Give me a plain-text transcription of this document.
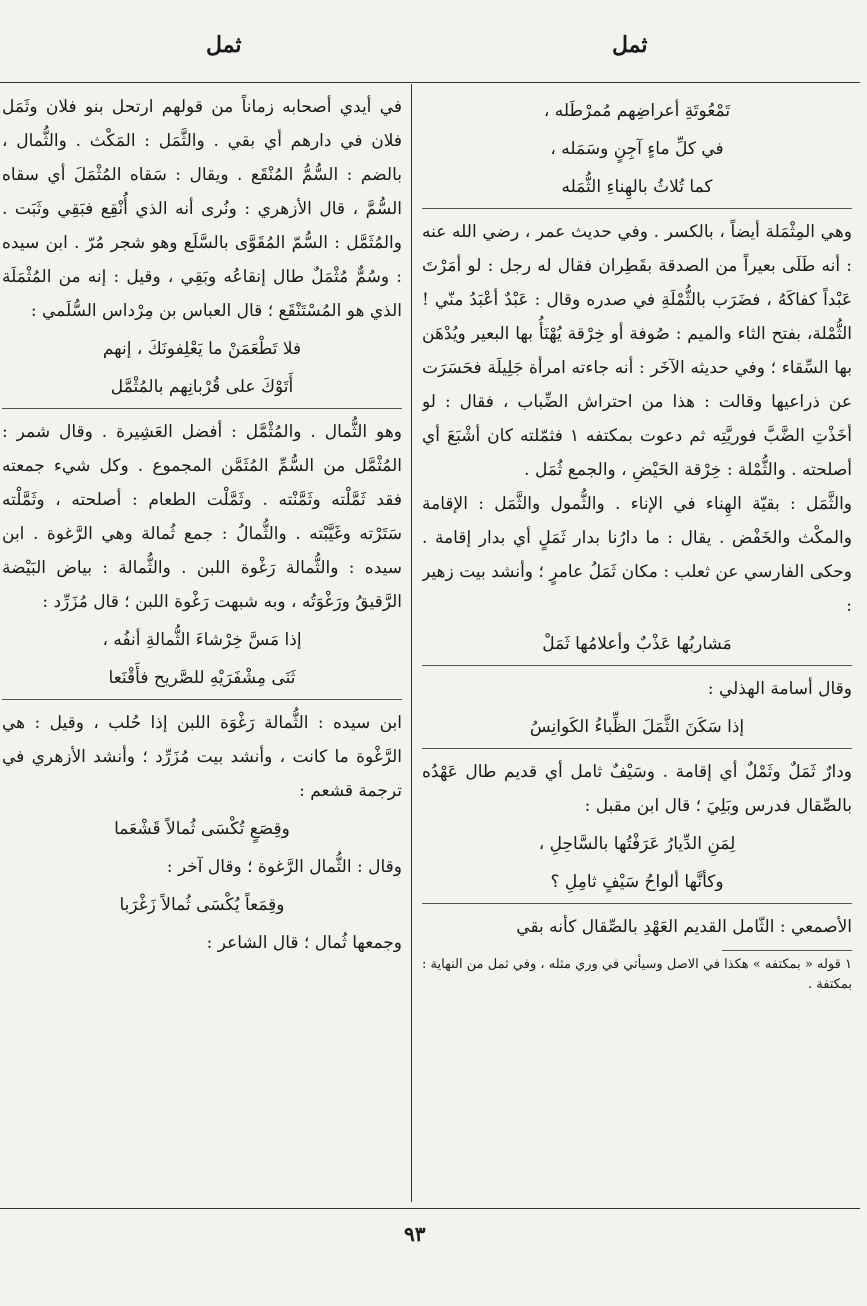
ثمل
ثمل

تَمْعُوتَةِ أعراضِهم مُمرْطَله ،

في كلِّ ماءٍ آجِنٍ وسَمَله ،

كما تُلاثُ بالهِناءِ الثُّمَله

وهي المِثْمَلة أيضاً ، بالكسر . وفي حديث عمر ، رضي الله عنه : أنه طَلَى بعيراً من الصدقة بقَطِران فقال له رجل : لو أمَرْتَ عَبْداً كفاكَهُ ، فضَرَب بالثُّمْلَةِ في صدره وقال : عَبْدٌ أعْبَدُ منّي ! الثُّمْلة، بفتح الثاء والميم : صُوفة أو خِرْقة يُهْنَأُ بها البعير ويُدْهَن بها السِّقاء ؛ وفي حديثه الآخَر : أنه جاءته امرأة جَلِيلَة فحَسَرَت عن ذراعيها وقالت : هذا من احتراش الضِّباب ، فقال : لو أخَذْتِ الضَّبَّ فوريَّتِه ثم دعوت بمكتفه ١ فثمّلته كان أشْبَعَ أي أصلحته . والثُّمْلة : خِرْقة الحَيْضِ ، والجمع ثُمَل .

والثَّمَل : بقيّة الهِناء في الإناء . والثُّمول والثَّمَل : الإقامة والمكْث والخَفْض . يقال : ما دارُنا بدار ثَمَلٍ أي بدار إقامة . وحكى الفارسي عن ثعلب : مكان ثَمَلُ عامرٍ ؛ وأنشد بيت زهير :

مَشاربُها عَذْبٌ وأعلامُها ثَمَلْ

وقال أسامة الهذلي :

إذا سَكَنَ الثَّمَلَ الظِّباءُ الكَوانِسُ

ودارٌ ثَمَلٌ وثَمْلٌ أي إقامة . وسَيْفٌ ثامل أي قديم طال عَهْدُه بالصِّقال فدرس وبَلِيَ ؛ قال ابن مقبل :

لِمَنِ الدِّيارُ عَرَفْتُها بالسَّاحِلِ ،

وكأنَّها ألواحُ سَيْفٍ ثامِلِ ؟

الأصمعي : الثّامل القديم العَهْدِ بالصِّقال كأنه بقي

١ قوله « بمكتفه » هكذا في الاصل وسيأتي في وري مثله ، وفي ثمل من النهاية : بمكتفة .

في أيدي أصحابه زماناً من قولهم ارتحل بنو فلان وثَمَل فلان في دارهم أي بقي . والثَّمَل : المَكْث . والثُّمال ، بالضم : السُّمُّ المُنْقَع . ويقال : سَقاه المُثْمَلَ أي سقاه السُّمَّ ، قال الأزهري : ونُرى أنه الذي أُنْقِع فبَقِي وثَبَت . والمُثَمَّل : السُّمّ المُقَوَّى بالسَّلَع وهو شجر مُرّ . ابن سيده : وسُمٌّ مُثْمَلٌ طال إنقاعُه وبَقِي ، وقيل : إنه من المُثْمَلَة الذي هو المُسْتَنْقَع ؛ قال العباس بن مِرْداس السُّلَمي :

فلا تَطْعَمَنْ ما يَعْلِفونَكَ ، إنهم

أَتَوْكَ على قُرْبانِهم بالمُثْمَّل

وهو الثُّمال . والمُثْمَّل : أفضل العَشِيرة . وقال شمر : المُثْمَّل من السُّمِّ المُثَمَّن المجموع . وكل شيء جمعته فقد ثَمَّلْته وثَمَّنْته . وثَمَّلْت الطعام : أصلحته ، وثَمَّلْته سَتَرْته وغَيَّبْته . والثُّمالُ : جمع ثُمالة وهي الرَّغوة . ابن سيده : والثُّمالة رَغْوة اللبن . والثُّمالة : بياض البَيْضة الرَّقيقُ ورَغْوَتُه ، وبه شبهت رَغْوة اللبن ؛ قال مُزَرِّد :

إذا مَسَّ خِرْشاءَ الثُّمالةِ أنفُه ،

ثَنَى مِشْفَرَيْهِ للصَّريح فأَقْنَعا

ابن سيده : الثُّمالة رَغْوَة اللبن إذا حُلب ، وقيل : هي الرَّغْوة ما كانت ، وأنشد بيت مُزَرِّد ؛ وأنشد الأزهري في ترجمة قشعم :

وقِصَعٍ تُكْسَى ثُمالاً قَشْعَما

وقال : الثُّمال الرَّغوة ؛ وقال آخر :

وقِمَعاً يُكْسَى ثُمالاً زَغْرَبا

وجمعها ثُمال ؛ قال الشاعر :

٩٣
